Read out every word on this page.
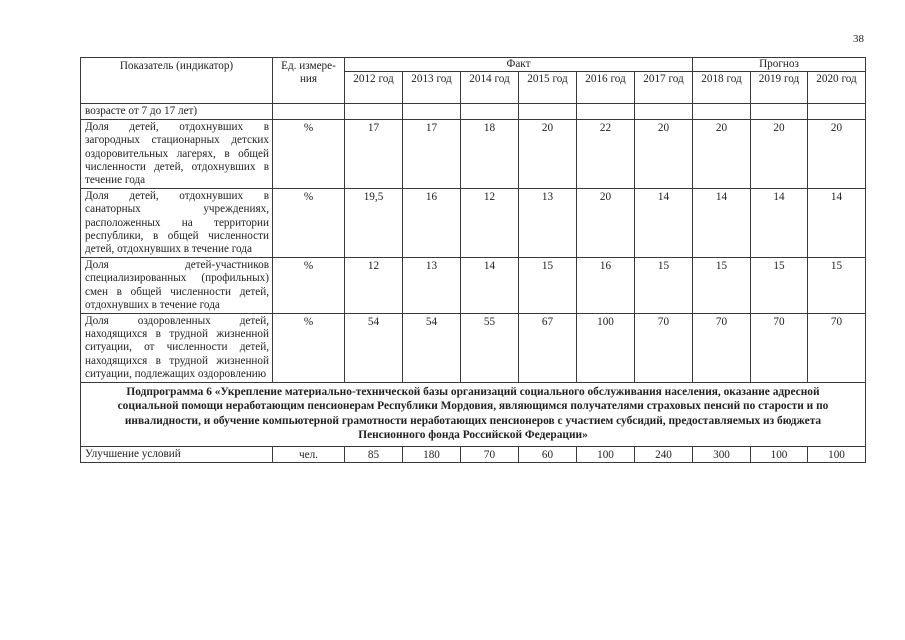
38
Показатель (индикатор)	Ед. измере-ния	Факт						Прогноз		
		2012 год	2013 год	2014 год	2015 год	2016 год	2017 год	2018 год	2019 год	2020 год
возрасте от 7 до 17 лет)										
Доля детей, отдохнувших в загородных стационарных детских оздоровительных лагерях, в общей численности детей, отдохнувших в течение года	%	17	17	18	20	22	20	20	20	20
Доля детей, отдохнувших в санаторных учреждениях, расположенных на территории республики, в общей численности детей, отдохнувших в течение года	%	19,5	16	12	13	20	14	14	14	14
Доля детей-участников специализированных (профильных) смен в общей численности детей, отдохнувших в течение года	%	12	13	14	15	16	15	15	15	15
Доля оздоровленных детей, находящихся в трудной жизненной ситуации, от численности детей, находящихся в трудной жизненной ситуации, подлежащих оздоровлению	%	54	54	55	67	100	70	70	70	70
Подпрограмма 6 «Укрепление материально-технической базы организаций социального обслуживания населения, оказание адресной социальной помощи неработающим пенсионерам Республики Мордовия, являющимся получателями страховых пенсий по старости и по инвалидности, и обучение компьютерной грамотности неработающих пенсионеров с участием субсидий, предоставляемых из бюджета Пенсионного фонда Российской Федерации»										
Улучшение условий	чел.	85	180	70	60	100	240	300	100	100
